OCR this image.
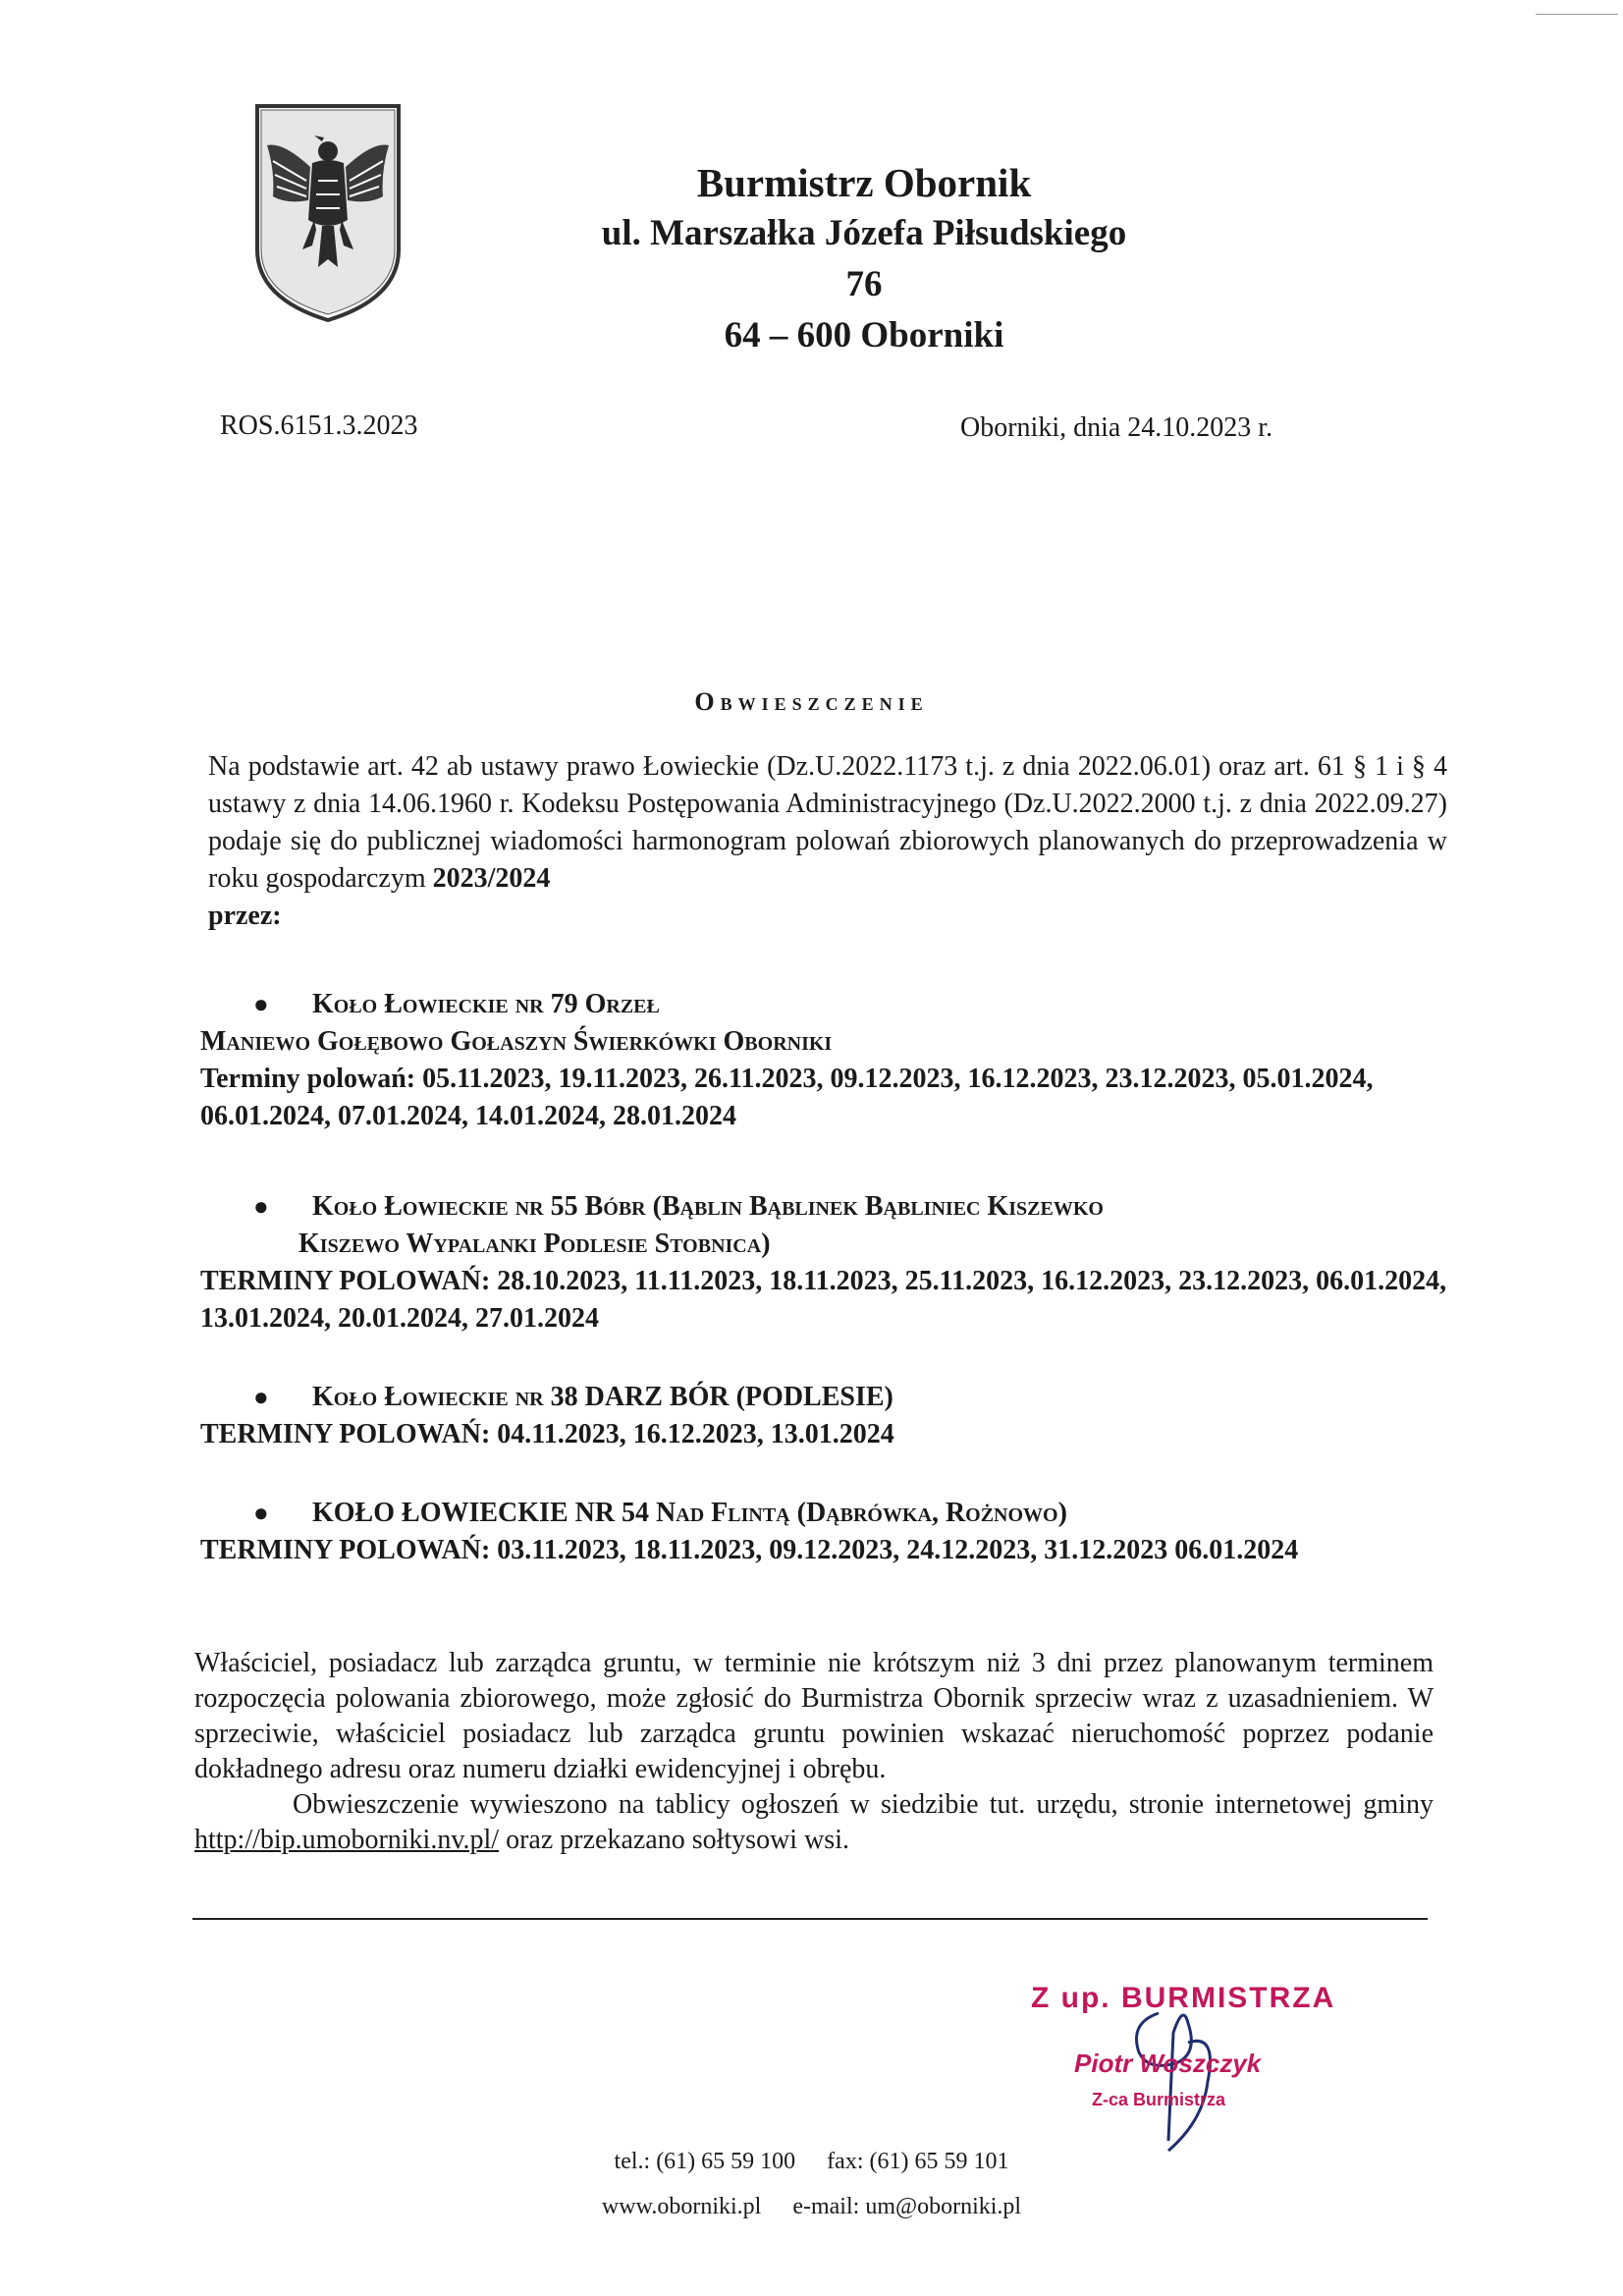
Burmistrz Obornik
ul. Marszałka Józefa Piłsudskiego 76
64 – 600 Oborniki
ROS.6151.3.2023	Oborniki, dnia 24.10.2023 r.
Obwieszczenie
Na podstawie art. 42 ab ustawy prawo Łowieckie (Dz.U.2022.1173 t.j. z dnia 2022.06.01) oraz art. 61 § 1 i § 4 ustawy z dnia 14.06.1960 r. Kodeksu Postępowania Administracyjnego (Dz.U.2022.2000 t.j. z dnia 2022.09.27) podaje się do publicznej wiadomości harmonogram polowań zbiorowych planowanych do przeprowadzenia w roku gospodarczym 2023/2024
przez:
●	Koło Łowieckie nr 79 Orzeł
Maniewo Gołębowo Gołaszyn Świerkówki Oborniki
Terminy polowań: 05.11.2023, 19.11.2023, 26.11.2023, 09.12.2023, 16.12.2023, 23.12.2023, 05.01.2024, 06.01.2024, 07.01.2024, 14.01.2024, 28.01.2024
●	Koło Łowieckie nr 55 Bóbr (Bąblin Bąblinek Bąbliniec Kiszewko
Kiszewo Wypalanki Podlesie Stobnica)
TERMINY POLOWAŃ: 28.10.2023, 11.11.2023, 18.11.2023, 25.11.2023, 16.12.2023, 23.12.2023, 06.01.2024, 13.01.2024, 20.01.2024, 27.01.2024
●	Koło Łowieckie nr 38 DARZ BÓR (PODLESIE)
TERMINY POLOWAŃ: 04.11.2023, 16.12.2023, 13.01.2024
●	KOŁO ŁOWIECKIE NR 54 Nad Flintą (Dąbrówka, Rożnowo)
TERMINY POLOWAŃ: 03.11.2023, 18.11.2023, 09.12.2023, 24.12.2023, 31.12.2023 06.01.2024

Właściciel, posiadacz lub zarządca gruntu, w terminie nie krótszym niż 3 dni przez planowanym terminem rozpoczęcia polowania zbiorowego, może zgłosić do Burmistrza Obornik sprzeciw wraz z uzasadnieniem. W sprzeciwie, właściciel posiadacz lub zarządca gruntu powinien wskazać nieruchomość poprzez podanie dokładnego adresu oraz numeru działki ewidencyjnej i obrębu.

Obwieszczenie wywieszono na tablicy ogłoszeń w siedzibie tut. urzędu, stronie internetowej gminy http://bip.umoborniki.nv.pl/ oraz przekazano sołtysowi wsi.

Z up. BURMISTRZA
Piotr Woszczyk
Z-ca Burmistrza
tel.: (61) 65 59 100 fax: (61) 65 59 101
www.oborniki.pl e-mail: um@oborniki.pl
